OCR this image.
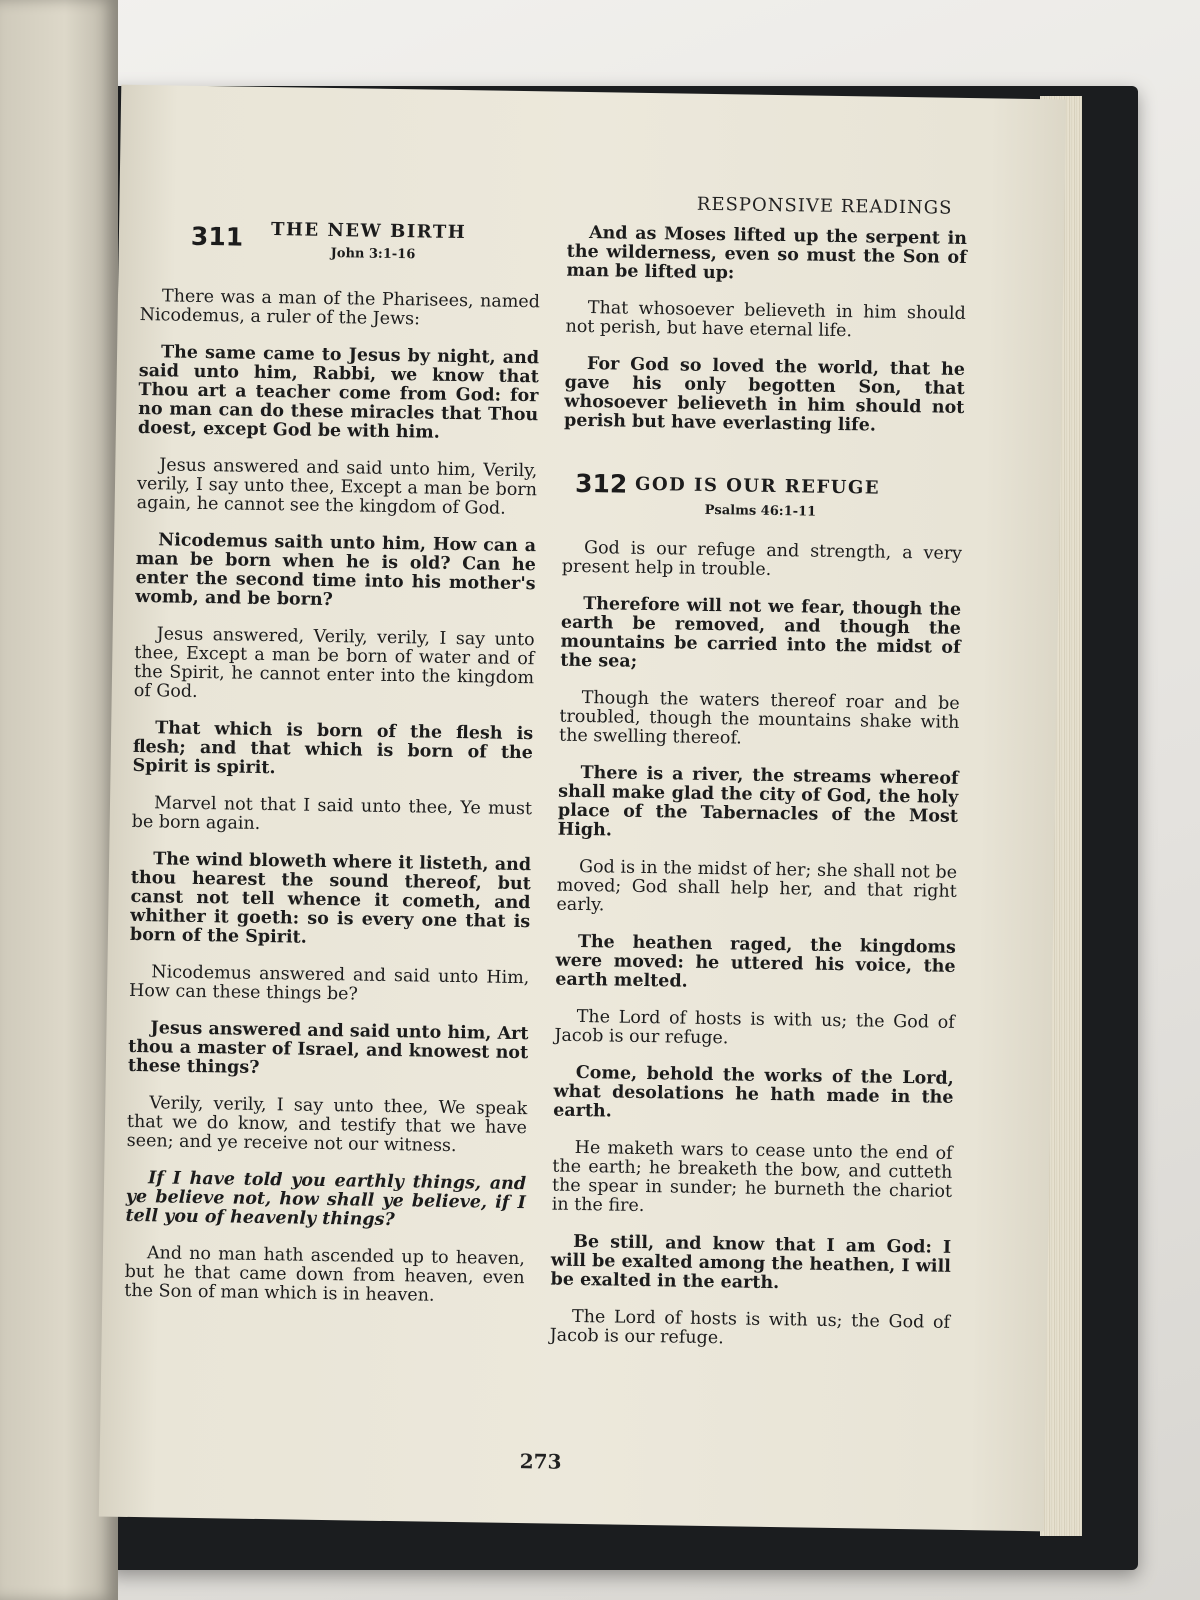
RESPONSIVE READINGS
311 THE NEW BIRTH
John 3:1-16

There was a man of the Pharisees, named Nicodemus, a ruler of the Jews:

The same came to Jesus by night, and said unto him, Rabbi, we know that Thou art a teacher come from God: for no man can do these miracles that Thou doest, except God be with him.

Jesus answered and said unto him, Verily, verily, I say unto thee, Except a man be born again, he cannot see the kingdom of God.

Nicodemus saith unto him, How can a man be born when he is old? Can he enter the second time into his mother's womb, and be born?

Jesus answered, Verily, verily, I say unto thee, Except a man be born of water and of the Spirit, he cannot enter into the kingdom of God.

That which is born of the flesh is flesh; and that which is born of the Spirit is spirit.

Marvel not that I said unto thee, Ye must be born again.

The wind bloweth where it listeth, and thou hearest the sound thereof, but canst not tell whence it cometh, and whither it goeth: so is every one that is born of the Spirit.

Nicodemus answered and said unto Him, How can these things be?

Jesus answered and said unto him, Art thou a master of Israel, and knowest not these things?

Verily, verily, I say unto thee, We speak that we do know, and testify that we have seen; and ye receive not our witness.

If I have told you earthly things, and ye believe not, how shall ye believe, if I tell you of heavenly things?

And no man hath ascended up to heaven, but he that came down from heaven, even the Son of man which is in heaven.

And as Moses lifted up the serpent in the wilderness, even so must the Son of man be lifted up:

That whosoever believeth in him should not perish, but have eternal life.

For God so loved the world, that he gave his only begotten Son, that whosoever believeth in him should not perish but have everlasting life.

312 GOD IS OUR REFUGE
Psalms 46:1-11

God is our refuge and strength, a very present help in trouble.

Therefore will not we fear, though the earth be removed, and though the mountains be carried into the midst of the sea;

Though the waters thereof roar and be troubled, though the mountains shake with the swelling thereof.

There is a river, the streams whereof shall make glad the city of God, the holy place of the Tabernacles of the Most High.

God is in the midst of her; she shall not be moved; God shall help her, and that right early.

The heathen raged, the kingdoms were moved: he uttered his voice, the earth melted.

The Lord of hosts is with us; the God of Jacob is our refuge.

Come, behold the works of the Lord, what desolations he hath made in the earth.

He maketh wars to cease unto the end of the earth; he breaketh the bow, and cutteth the spear in sunder; he burneth the chariot in the fire.

Be still, and know that I am God: I will be exalted among the heathen, I will be exalted in the earth.

The Lord of hosts is with us; the God of Jacob is our refuge.

273
